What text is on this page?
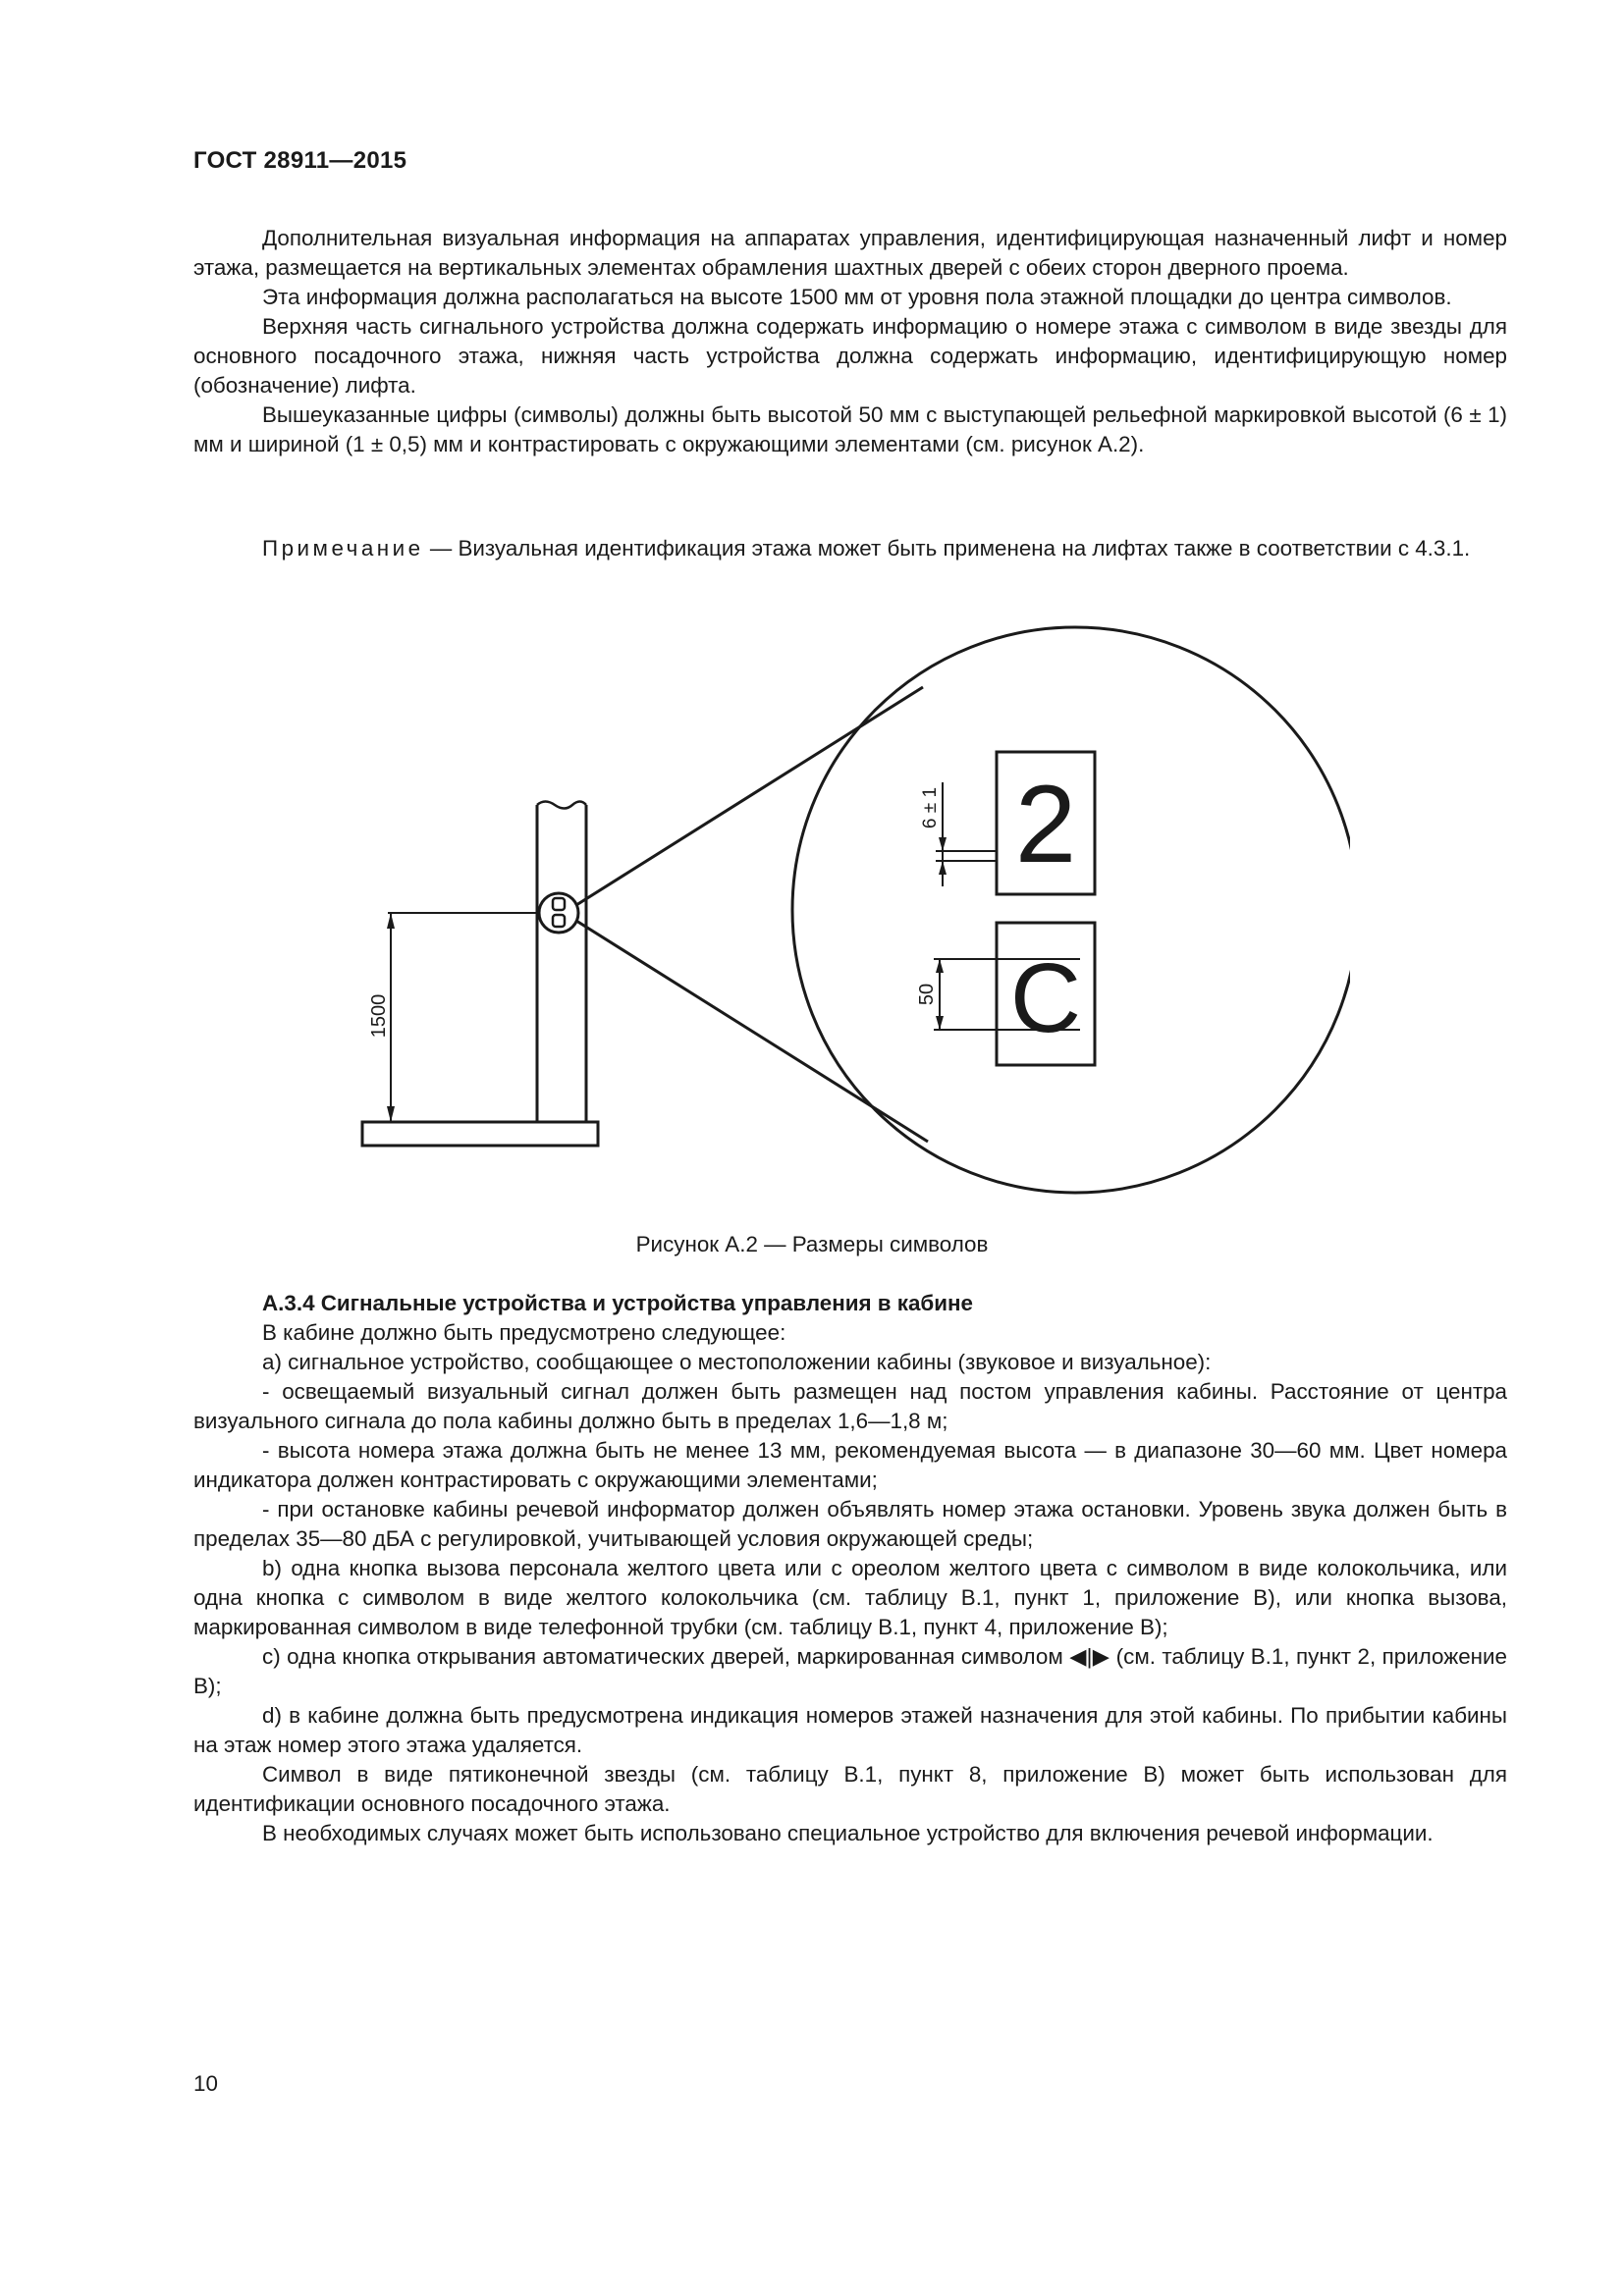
ГОСТ 28911—2015

Дополнительная визуальная информация на аппаратах управления, идентифицирующая назначенный лифт и номер этажа, размещается на вертикальных элементах обрамления шахтных дверей с обеих сторон дверного проема.

Эта информация должна располагаться на высоте 1500 мм от уровня пола этажной площадки до центра символов.

Верхняя часть сигнального устройства должна содержать информацию о номере этажа с символом в виде звезды для основного посадочного этажа, нижняя часть устройства должна содержать информацию, идентифицирующую номер (обозначение) лифта.

Вышеуказанные цифры (символы) должны быть высотой 50 мм с выступающей рельефной маркировкой высотой (6 ± 1) мм и шириной (1 ± 0,5) мм и контрастировать с окружающими элементами (см. рисунок А.2).

Примечание — Визуальная идентификация этажа может быть применена на лифтах также в соответствии с 4.3.1.

1500
6 ± 1
50
2
C
Рисунок А.2 — Размеры символов

А.3.4 Сигнальные устройства и устройства управления в кабине

В кабине должно быть предусмотрено следующее:

a) сигнальное устройство, сообщающее о местоположении кабины (звуковое и визуальное):

- освещаемый визуальный сигнал должен быть размещен над постом управления кабины. Расстояние от центра визуального сигнала до пола кабины должно быть в пределах 1,6—1,8 м;

- высота номера этажа должна быть не менее 13 мм, рекомендуемая высота — в диапазоне 30—60 мм. Цвет номера индикатора должен контрастировать с окружающими элементами;

- при остановке кабины речевой информатор должен объявлять номер этажа остановки. Уровень звука должен быть в пределах 35—80 дБА с регулировкой, учитывающей условия окружающей среды;

b) одна кнопка вызова персонала желтого цвета или с ореолом желтого цвета с символом в виде колокольчика, или одна кнопка с символом в виде желтого колокольчика (см. таблицу В.1, пункт 1, приложение В), или кнопка вызова, маркированная символом в виде телефонной трубки (см. таблицу В.1, пункт 4, приложение В);

c) одна кнопка открывания автоматических дверей, маркированная символом ◀|▶ (см. таблицу В.1, пункт 2, приложение В);

d) в кабине должна быть предусмотрена индикация номеров этажей назначения для этой кабины. По прибытии кабины на этаж номер этого этажа удаляется.

Символ в виде пятиконечной звезды (см. таблицу В.1, пункт 8, приложение В) может быть использован для идентификации основного посадочного этажа.

В необходимых случаях может быть использовано специальное устройство для включения речевой информации.

10
